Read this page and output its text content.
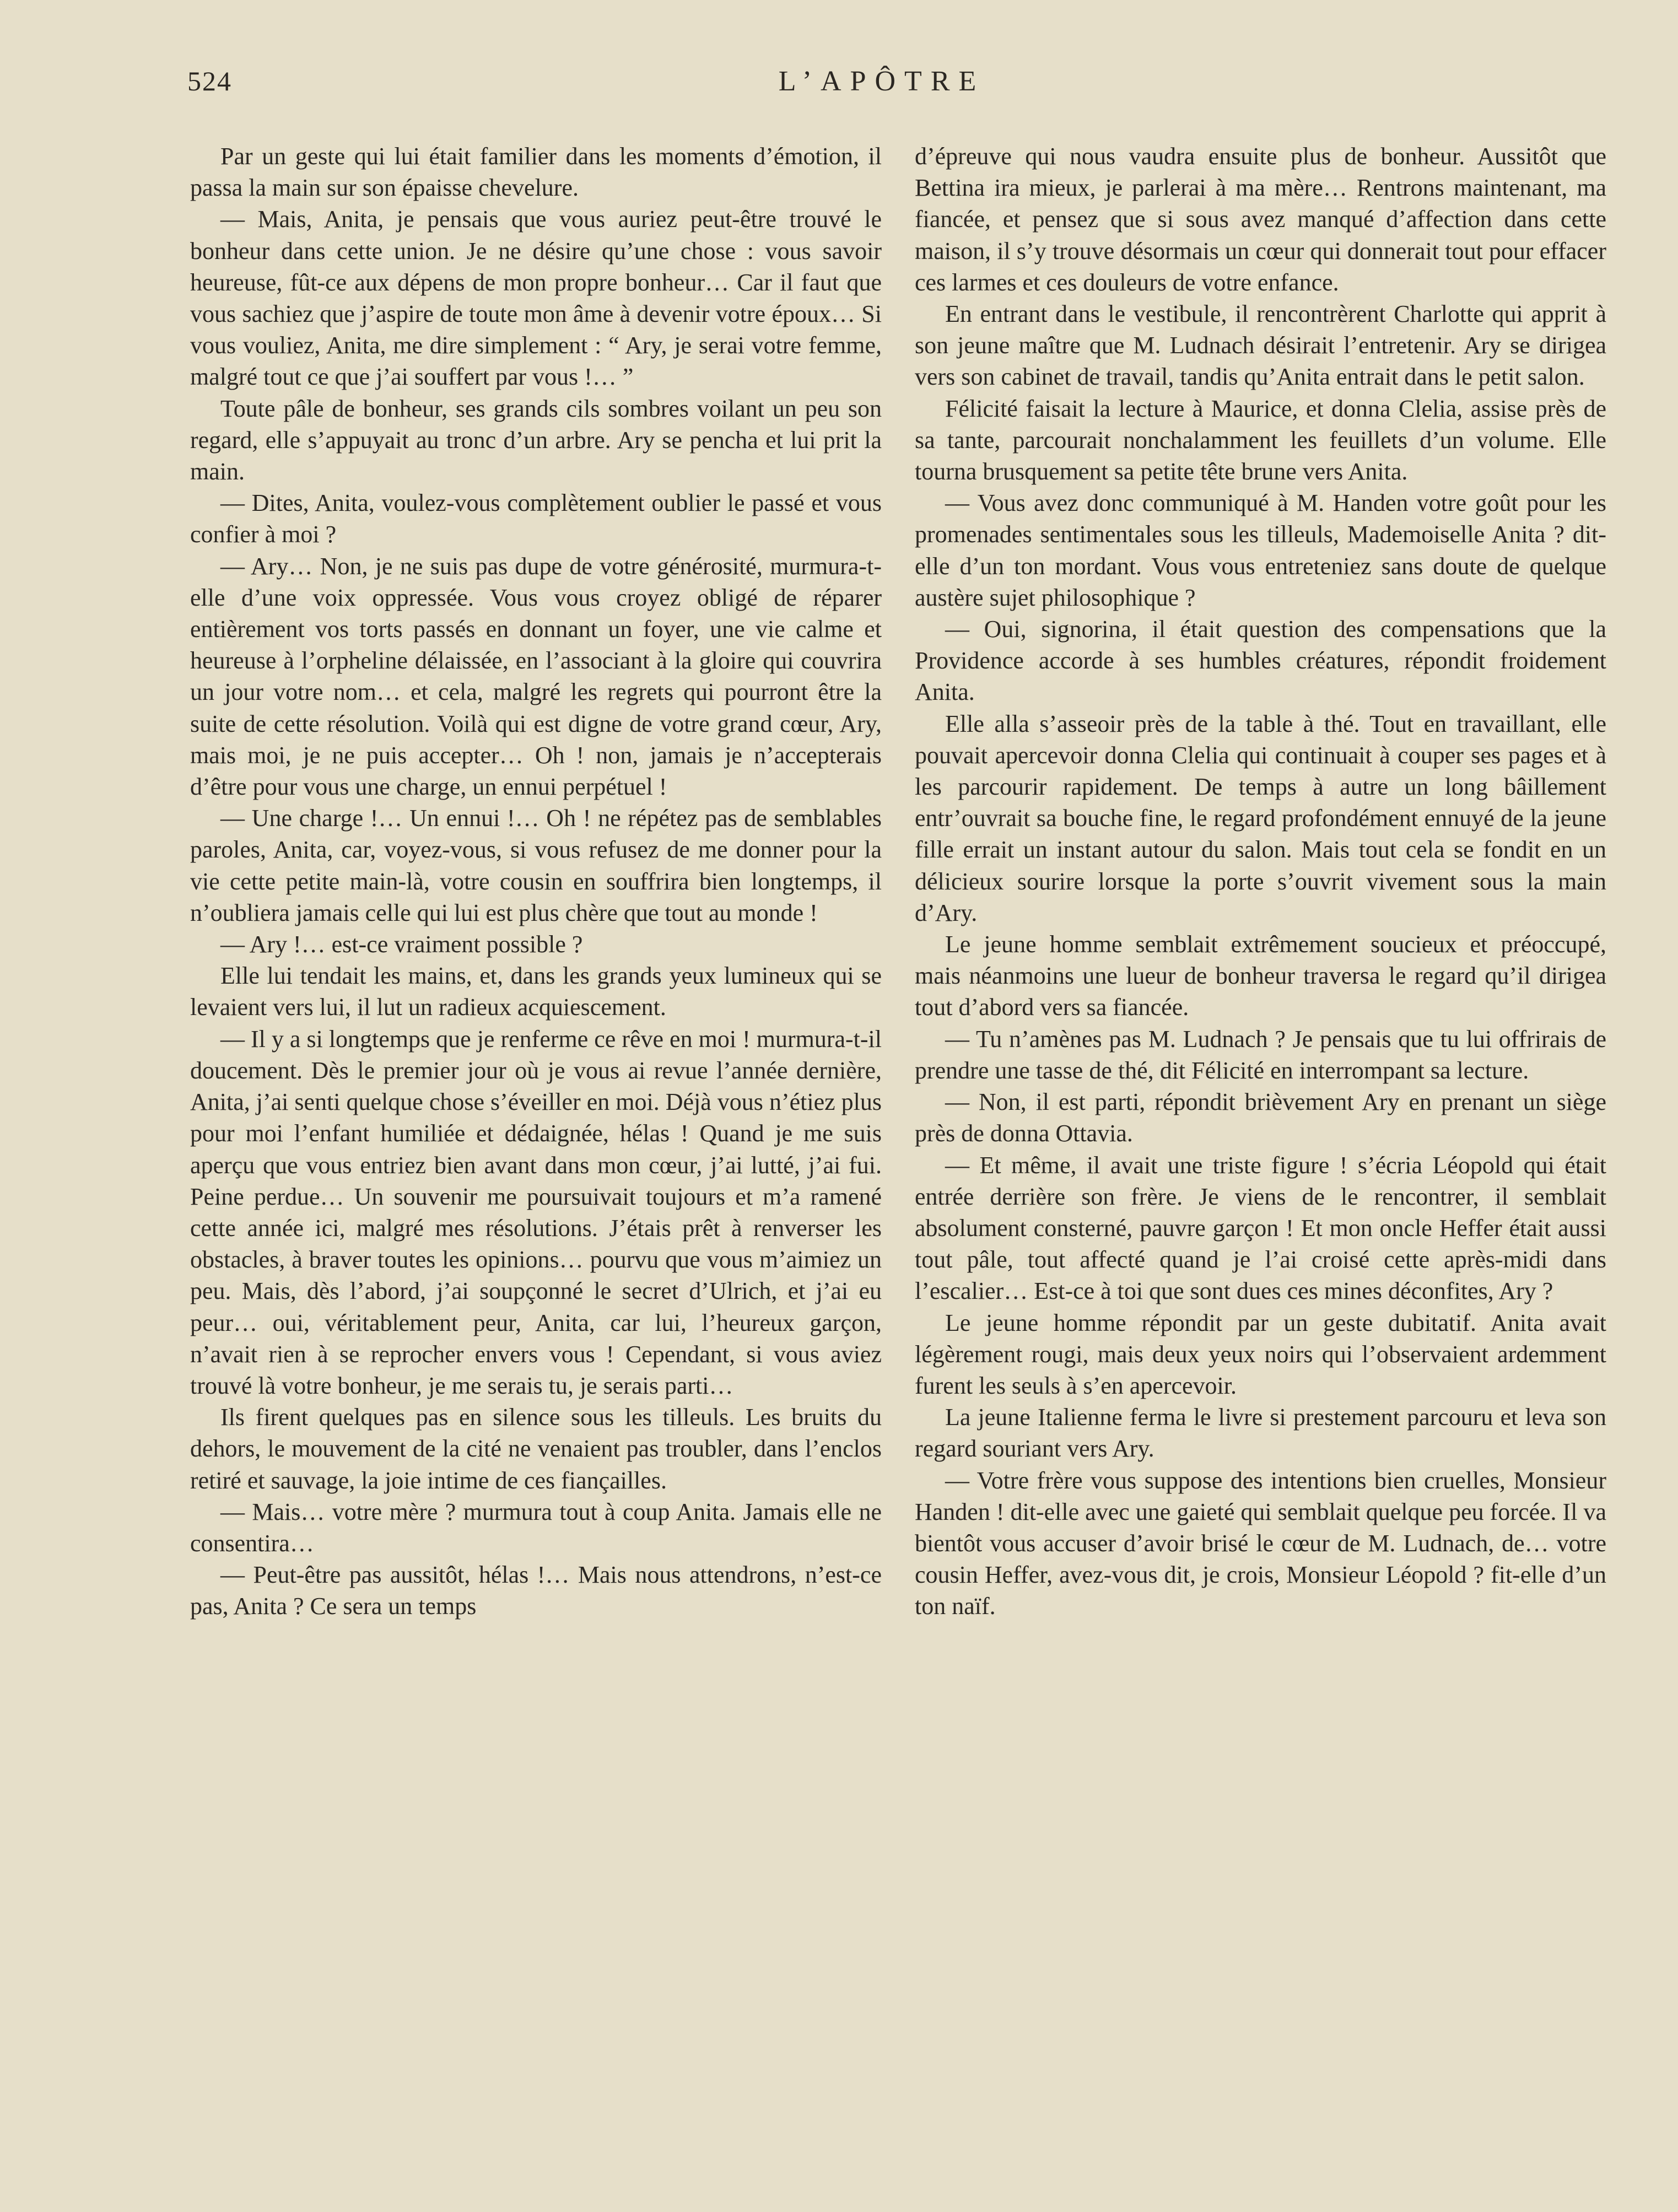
524	L’APÔTRE

Par un geste qui lui était familier dans les moments d’émotion, il passa la main sur son épaisse chevelure.

— Mais, Anita, je pensais que vous auriez peut-être trouvé le bonheur dans cette union. Je ne désire qu’une chose : vous savoir heureuse, fût-ce aux dépens de mon propre bonheur… Car il faut que vous sachiez que j’aspire de toute mon âme à devenir votre époux… Si vous vouliez, Anita, me dire simplement : “ Ary, je serai votre femme, malgré tout ce que j’ai souffert par vous !… ”

Toute pâle de bonheur, ses grands cils sombres voilant un peu son regard, elle s’appuyait au tronc d’un arbre. Ary se pencha et lui prit la main.

— Dites, Anita, voulez-vous complètement oublier le passé et vous confier à moi ?

— Ary… Non, je ne suis pas dupe de votre générosité, murmura-t-elle d’une voix oppressée. Vous vous croyez obligé de réparer entièrement vos torts passés en donnant un foyer, une vie calme et heureuse à l’orpheline délaissée, en l’associant à la gloire qui couvrira un jour votre nom… et cela, malgré les regrets qui pourront être la suite de cette résolution. Voilà qui est digne de votre grand cœur, Ary, mais moi, je ne puis accepter… Oh ! non, jamais je n’accepterais d’être pour vous une charge, un ennui perpétuel !

— Une charge !… Un ennui !… Oh ! ne répétez pas de semblables paroles, Anita, car, voyez-vous, si vous refusez de me donner pour la vie cette petite main-là, votre cousin en souffrira bien longtemps, il n’oubliera jamais celle qui lui est plus chère que tout au monde !

— Ary !… est-ce vraiment possible ?

Elle lui tendait les mains, et, dans les grands yeux lumineux qui se levaient vers lui, il lut un radieux acquiescement.

— Il y a si longtemps que je renferme ce rêve en moi ! murmura-t-il doucement. Dès le premier jour où je vous ai revue l’année dernière, Anita, j’ai senti quelque chose s’éveiller en moi. Déjà vous n’étiez plus pour moi l’enfant humiliée et dédaignée, hélas ! Quand je me suis aperçu que vous entriez bien avant dans mon cœur, j’ai lutté, j’ai fui. Peine perdue… Un souvenir me poursuivait toujours et m’a ramené cette année ici, malgré mes résolutions. J’étais prêt à renverser les obstacles, à braver toutes les opinions… pourvu que vous m’aimiez un peu. Mais, dès l’abord, j’ai soupçonné le secret d’Ulrich, et j’ai eu peur… oui, véritablement peur, Anita, car lui, l’heureux garçon, n’avait rien à se reprocher envers vous ! Cependant, si vous aviez trouvé là votre bonheur, je me serais tu, je serais parti…

Ils firent quelques pas en silence sous les tilleuls. Les bruits du dehors, le mouvement de la cité ne venaient pas troubler, dans l’enclos retiré et sauvage, la joie intime de ces fiançailles.

— Mais… votre mère ? murmura tout à coup Anita. Jamais elle ne consentira…

— Peut-être pas aussitôt, hélas !… Mais nous attendrons, n’est-ce pas, Anita ? Ce sera un temps

d’épreuve qui nous vaudra ensuite plus de bonheur. Aussitôt que Bettina ira mieux, je parlerai à ma mère… Rentrons maintenant, ma fiancée, et pensez que si sous avez manqué d’affection dans cette maison, il s’y trouve désormais un cœur qui donnerait tout pour effacer ces larmes et ces douleurs de votre enfance.

En entrant dans le vestibule, il rencontrèrent Charlotte qui apprit à son jeune maître que M. Ludnach désirait l’entretenir. Ary se dirigea vers son cabinet de travail, tandis qu’Anita entrait dans le petit salon.

Félicité faisait la lecture à Maurice, et donna Clelia, assise près de sa tante, parcourait nonchalamment les feuillets d’un volume. Elle tourna brusquement sa petite tête brune vers Anita.

— Vous avez donc communiqué à M. Handen votre goût pour les promenades sentimentales sous les tilleuls, Mademoiselle Anita ? dit-elle d’un ton mordant. Vous vous entreteniez sans doute de quelque austère sujet philosophique ?

— Oui, signorina, il était question des compensations que la Providence accorde à ses humbles créatures, répondit froidement Anita.

Elle alla s’asseoir près de la table à thé. Tout en travaillant, elle pouvait apercevoir donna Clelia qui continuait à couper ses pages et à les parcourir rapidement. De temps à autre un long bâillement entr’ouvrait sa bouche fine, le regard profondément ennuyé de la jeune fille errait un instant autour du salon. Mais tout cela se fondit en un délicieux sourire lorsque la porte s’ouvrit vivement sous la main d’Ary.

Le jeune homme semblait extrêmement soucieux et préoccupé, mais néanmoins une lueur de bonheur traversa le regard qu’il dirigea tout d’abord vers sa fiancée.

— Tu n’amènes pas M. Ludnach ? Je pensais que tu lui offrirais de prendre une tasse de thé, dit Félicité en interrompant sa lecture.

— Non, il est parti, répondit brièvement Ary en prenant un siège près de donna Ottavia.

— Et même, il avait une triste figure ! s’écria Léopold qui était entrée derrière son frère. Je viens de le rencontrer, il semblait absolument consterné, pauvre garçon ! Et mon oncle Heffer était aussi tout pâle, tout affecté quand je l’ai croisé cette après-midi dans l’escalier… Est-ce à toi que sont dues ces mines déconfites, Ary ?

Le jeune homme répondit par un geste dubitatif. Anita avait légèrement rougi, mais deux yeux noirs qui l’observaient ardemment furent les seuls à s’en apercevoir.

La jeune Italienne ferma le livre si prestement parcouru et leva son regard souriant vers Ary.

— Votre frère vous suppose des intentions bien cruelles, Monsieur Handen ! dit-elle avec une gaieté qui semblait quelque peu forcée. Il va bientôt vous accuser d’avoir brisé le cœur de M. Ludnach, de… votre cousin Heffer, avez-vous dit, je crois, Monsieur Léopold ? fit-elle d’un ton naïf.
